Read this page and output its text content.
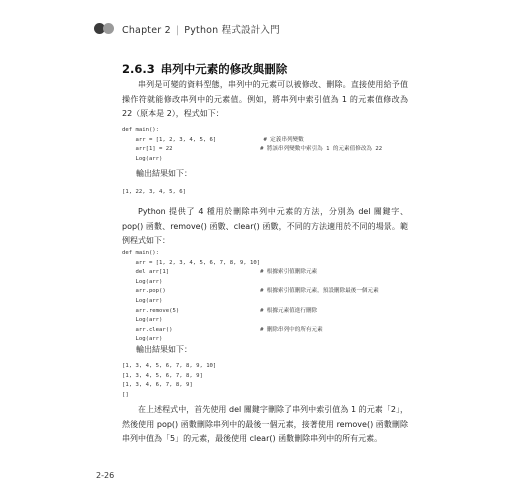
Chapter 2 | Python 程式設計入門
2.6.3 串列中元素的修改與刪除

串列是可變的資料型態，串列中的元素可以被修改、刪除。直接使用給予值操作符就能修改串列中的元素值。例如，將串列中索引值為 1 的元素值修改為 22（原本是 2），程式如下：

def main():
arr = [1, 2, 3, 4, 5, 6]              # 定義串列變數
arr[1] = 22                          # 將該串列變數中索引為 1 的元素值修改為 22
Log(arr)
輸出結果如下：
[1, 22, 3, 4, 5, 6]

Python 提供了 4 種用於刪除串列中元素的方法，分別為 del 關鍵字、pop() 函數、remove() 函數、clear() 函數，不同的方法適用於不同的場景。範例程式如下：

def main():
arr = [1, 2, 3, 4, 5, 6, 7, 8, 9, 10]
del arr[1]                           # 根據索引值刪除元素
Log(arr)
arr.pop()                            # 根據索引值刪除元素，預設刪除最後一個元素
Log(arr)
arr.remove(5)                        # 根據元素值進行刪除
Log(arr)
arr.clear()                          # 刪除串列中的所有元素
Log(arr)
輸出結果如下：
[1, 3, 4, 5, 6, 7, 8, 9, 10]
[1, 3, 4, 5, 6, 7, 8, 9]
[1, 3, 4, 6, 7, 8, 9]
[]

在上述程式中，首先使用 del 關鍵字刪除了串列中索引值為 1 的元素「2」，然後使用 pop() 函數刪除串列中的最後一個元素，接著使用 remove() 函數刪除串列中值為「5」的元素，最後使用 clear() 函數刪除串列中的所有元素。

2-26
